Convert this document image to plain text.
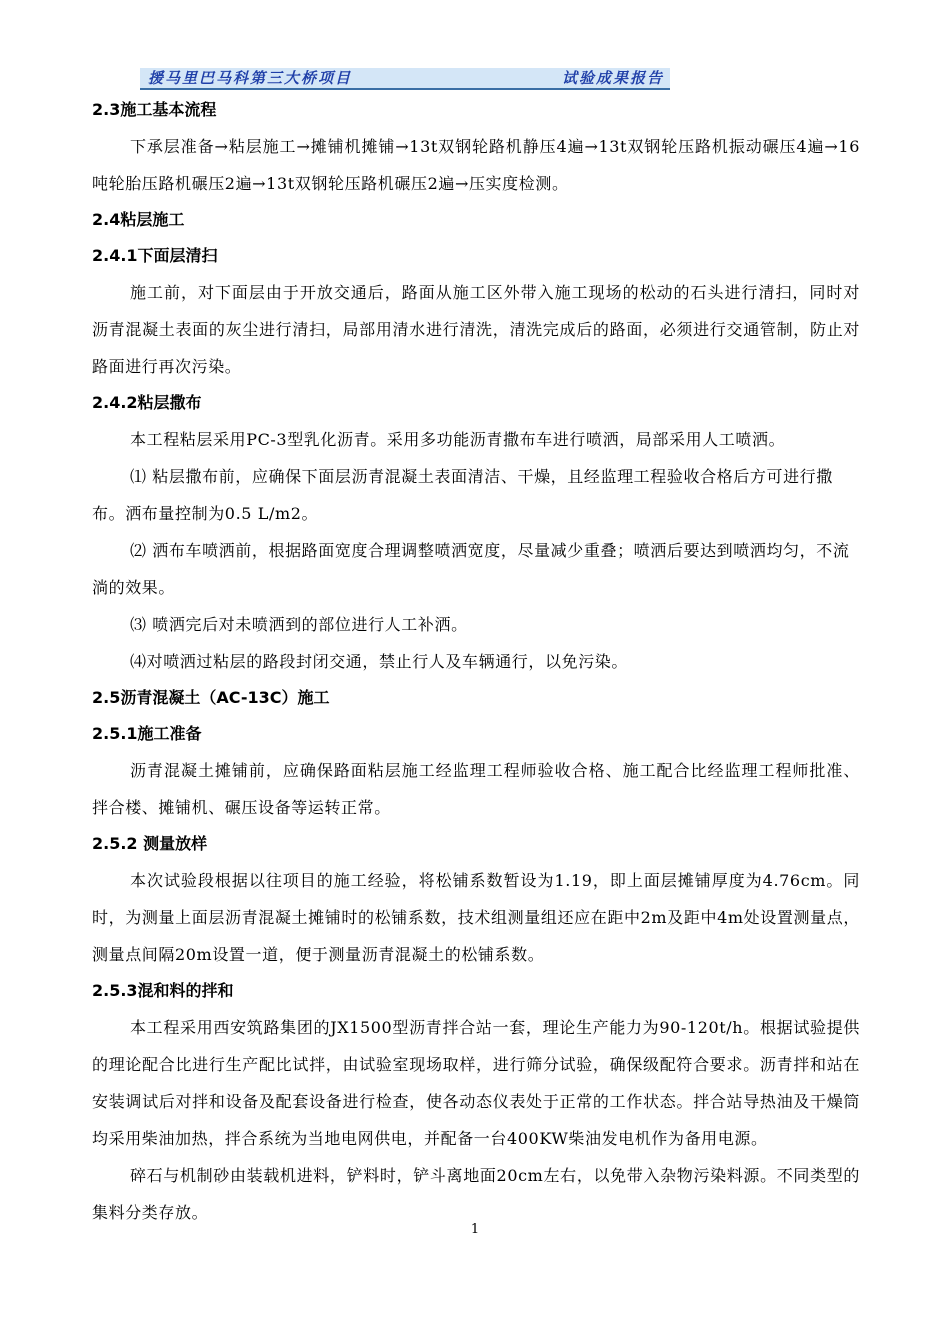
援马里巴马科第三大桥项目	试验成果报告
2.3施工基本流程

下承层准备→粘层施工→摊铺机摊铺→13t双钢轮路机静压4遍→13t双钢轮压路机振动碾压4遍→16吨轮胎压路机碾压2遍→13t双钢轮压路机碾压2遍→压实度检测。

2.4粘层施工
2.4.1下面层清扫

施工前，对下面层由于开放交通后，路面从施工区外带入施工现场的松动的石头进行清扫，同时对沥青混凝土表面的灰尘进行清扫，局部用清水进行清洗，清洗完成后的路面，必须进行交通管制，防止对路面进行再次污染。

2.4.2粘层撒布

本工程粘层采用PC-3型乳化沥青。采用多功能沥青撒布车进行喷洒，局部采用人工喷洒。

⑴ 粘层撒布前，应确保下面层沥青混凝土表面清洁、干燥，且经监理工程验收合格后方可进行撒布。洒布量控制为0.5 L/m2。

⑵ 洒布车喷洒前，根据路面宽度合理调整喷洒宽度，尽量减少重叠；喷洒后要达到喷洒均匀，不流淌的效果。

⑶ 喷洒完后对未喷洒到的部位进行人工补洒。

⑷对喷洒过粘层的路段封闭交通，禁止行人及车辆通行，以免污染。

2.5沥青混凝土（AC-13C）施工
2.5.1施工准备

沥青混凝土摊铺前，应确保路面粘层施工经监理工程师验收合格、施工配合比经监理工程师批准、拌合楼、摊铺机、碾压设备等运转正常。

2.5.2 测量放样

本次试验段根据以往项目的施工经验，将松铺系数暂设为1.19，即上面层摊铺厚度为4.76cm。同时，为测量上面层沥青混凝土摊铺时的松铺系数，技术组测量组还应在距中2m及距中4m处设置测量点，测量点间隔20m设置一道，便于测量沥青混凝土的松铺系数。

2.5.3混和料的拌和

本工程采用西安筑路集团的JX1500型沥青拌合站一套，理论生产能力为90-120t/h。根据试验提供的理论配合比进行生产配比试拌，由试验室现场取样，进行筛分试验，确保级配符合要求。沥青拌和站在安装调试后对拌和设备及配套设备进行检查，使各动态仪表处于正常的工作状态。拌合站导热油及干燥筒均采用柴油加热，拌合系统为当地电网供电，并配备一台400KW柴油发电机作为备用电源。

碎石与机制砂由装载机进料，铲料时，铲斗离地面20cm左右，以免带入杂物污染料源。不同类型的集料分类存放。

1
